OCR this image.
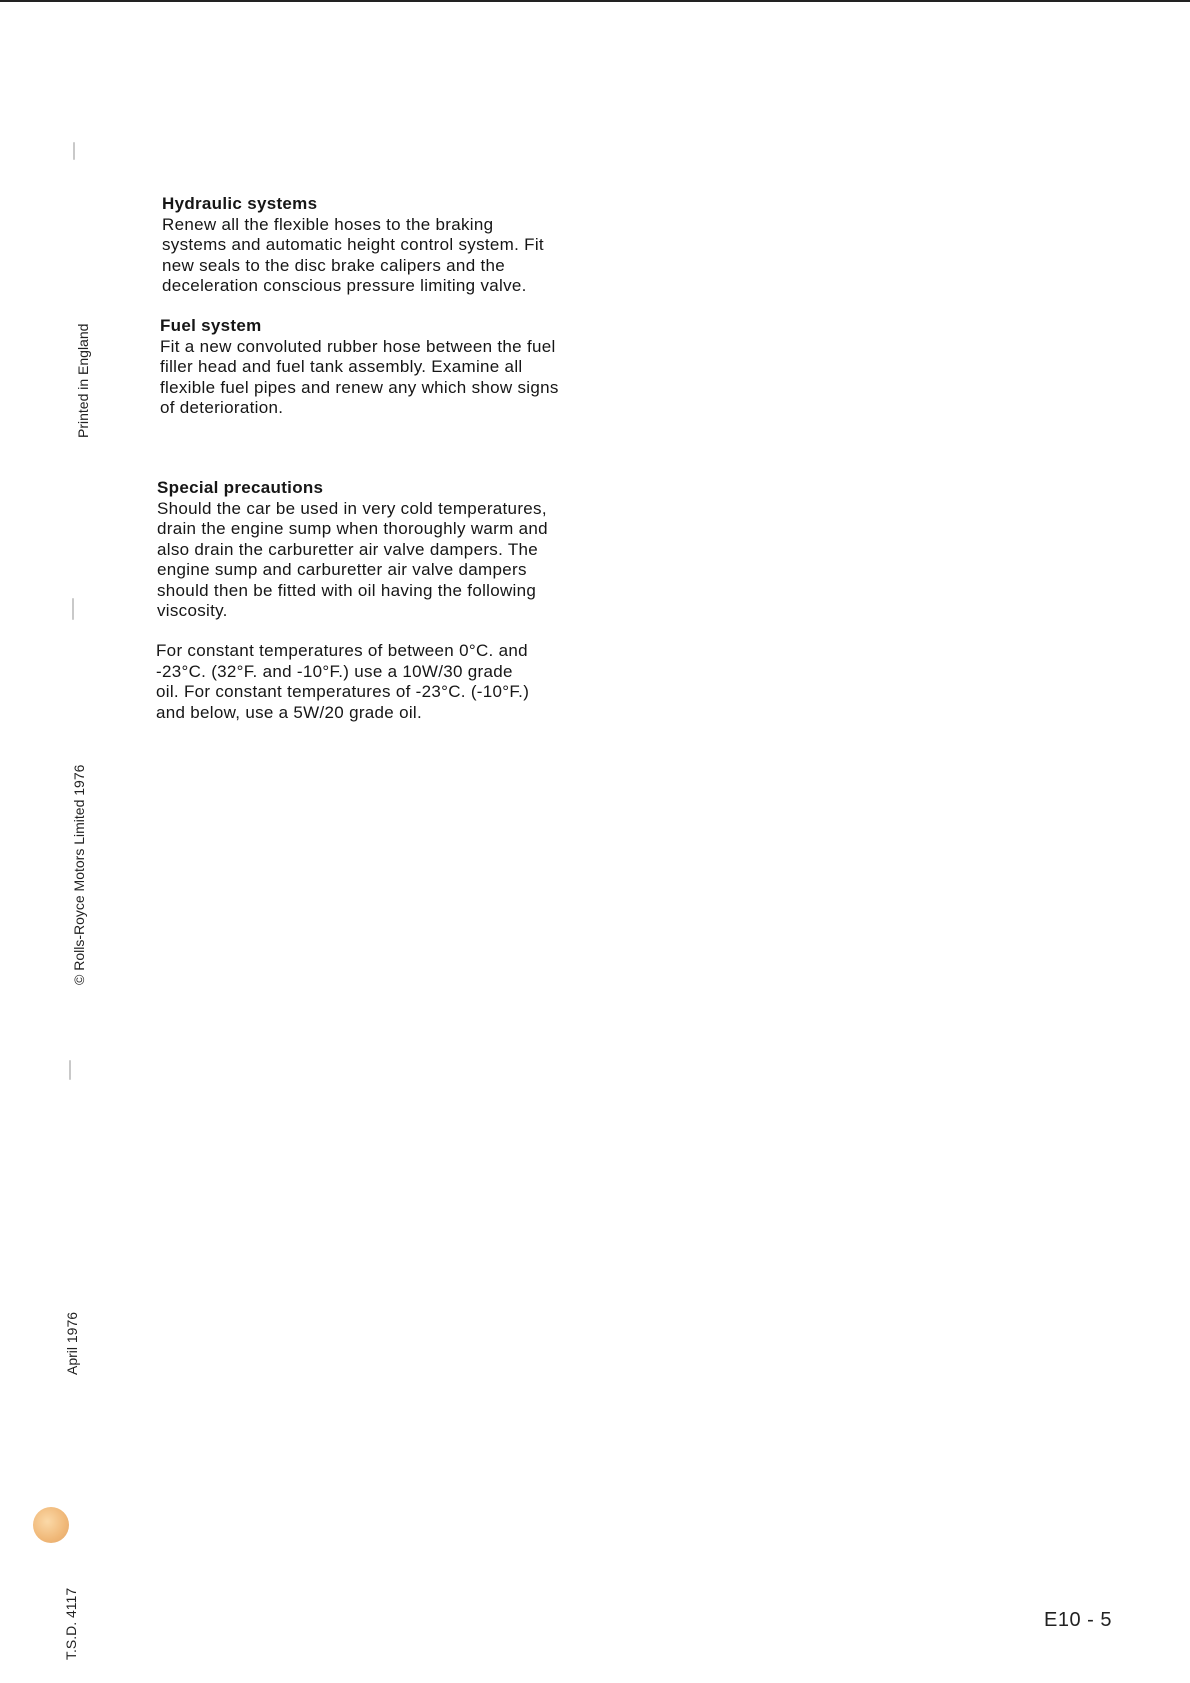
Printed in England
© Rolls-Royce Motors Limited 1976
April 1976
T.S.D. 4117
Hydraulic systems

Renew all the flexible hoses to the braking
systems and automatic height control system. Fit
new seals to the disc brake calipers and the
deceleration conscious pressure limiting valve.

Fuel system

Fit a new convoluted rubber hose between the fuel
filler head and fuel tank assembly. Examine all
flexible fuel pipes and renew any which show signs
of deterioration.

Special precautions

Should the car be used in very cold temperatures,
drain the engine sump when thoroughly warm and
also drain the carburetter air valve dampers. The
engine sump and carburetter air valve dampers
should then be fitted with oil having the following
viscosity.

For constant temperatures of between 0°C. and
-23°C. (32°F. and -10°F.) use a 10W/30 grade
oil. For constant temperatures of -23°C. (-10°F.)
and below, use a 5W/20 grade oil.

E10 - 5
